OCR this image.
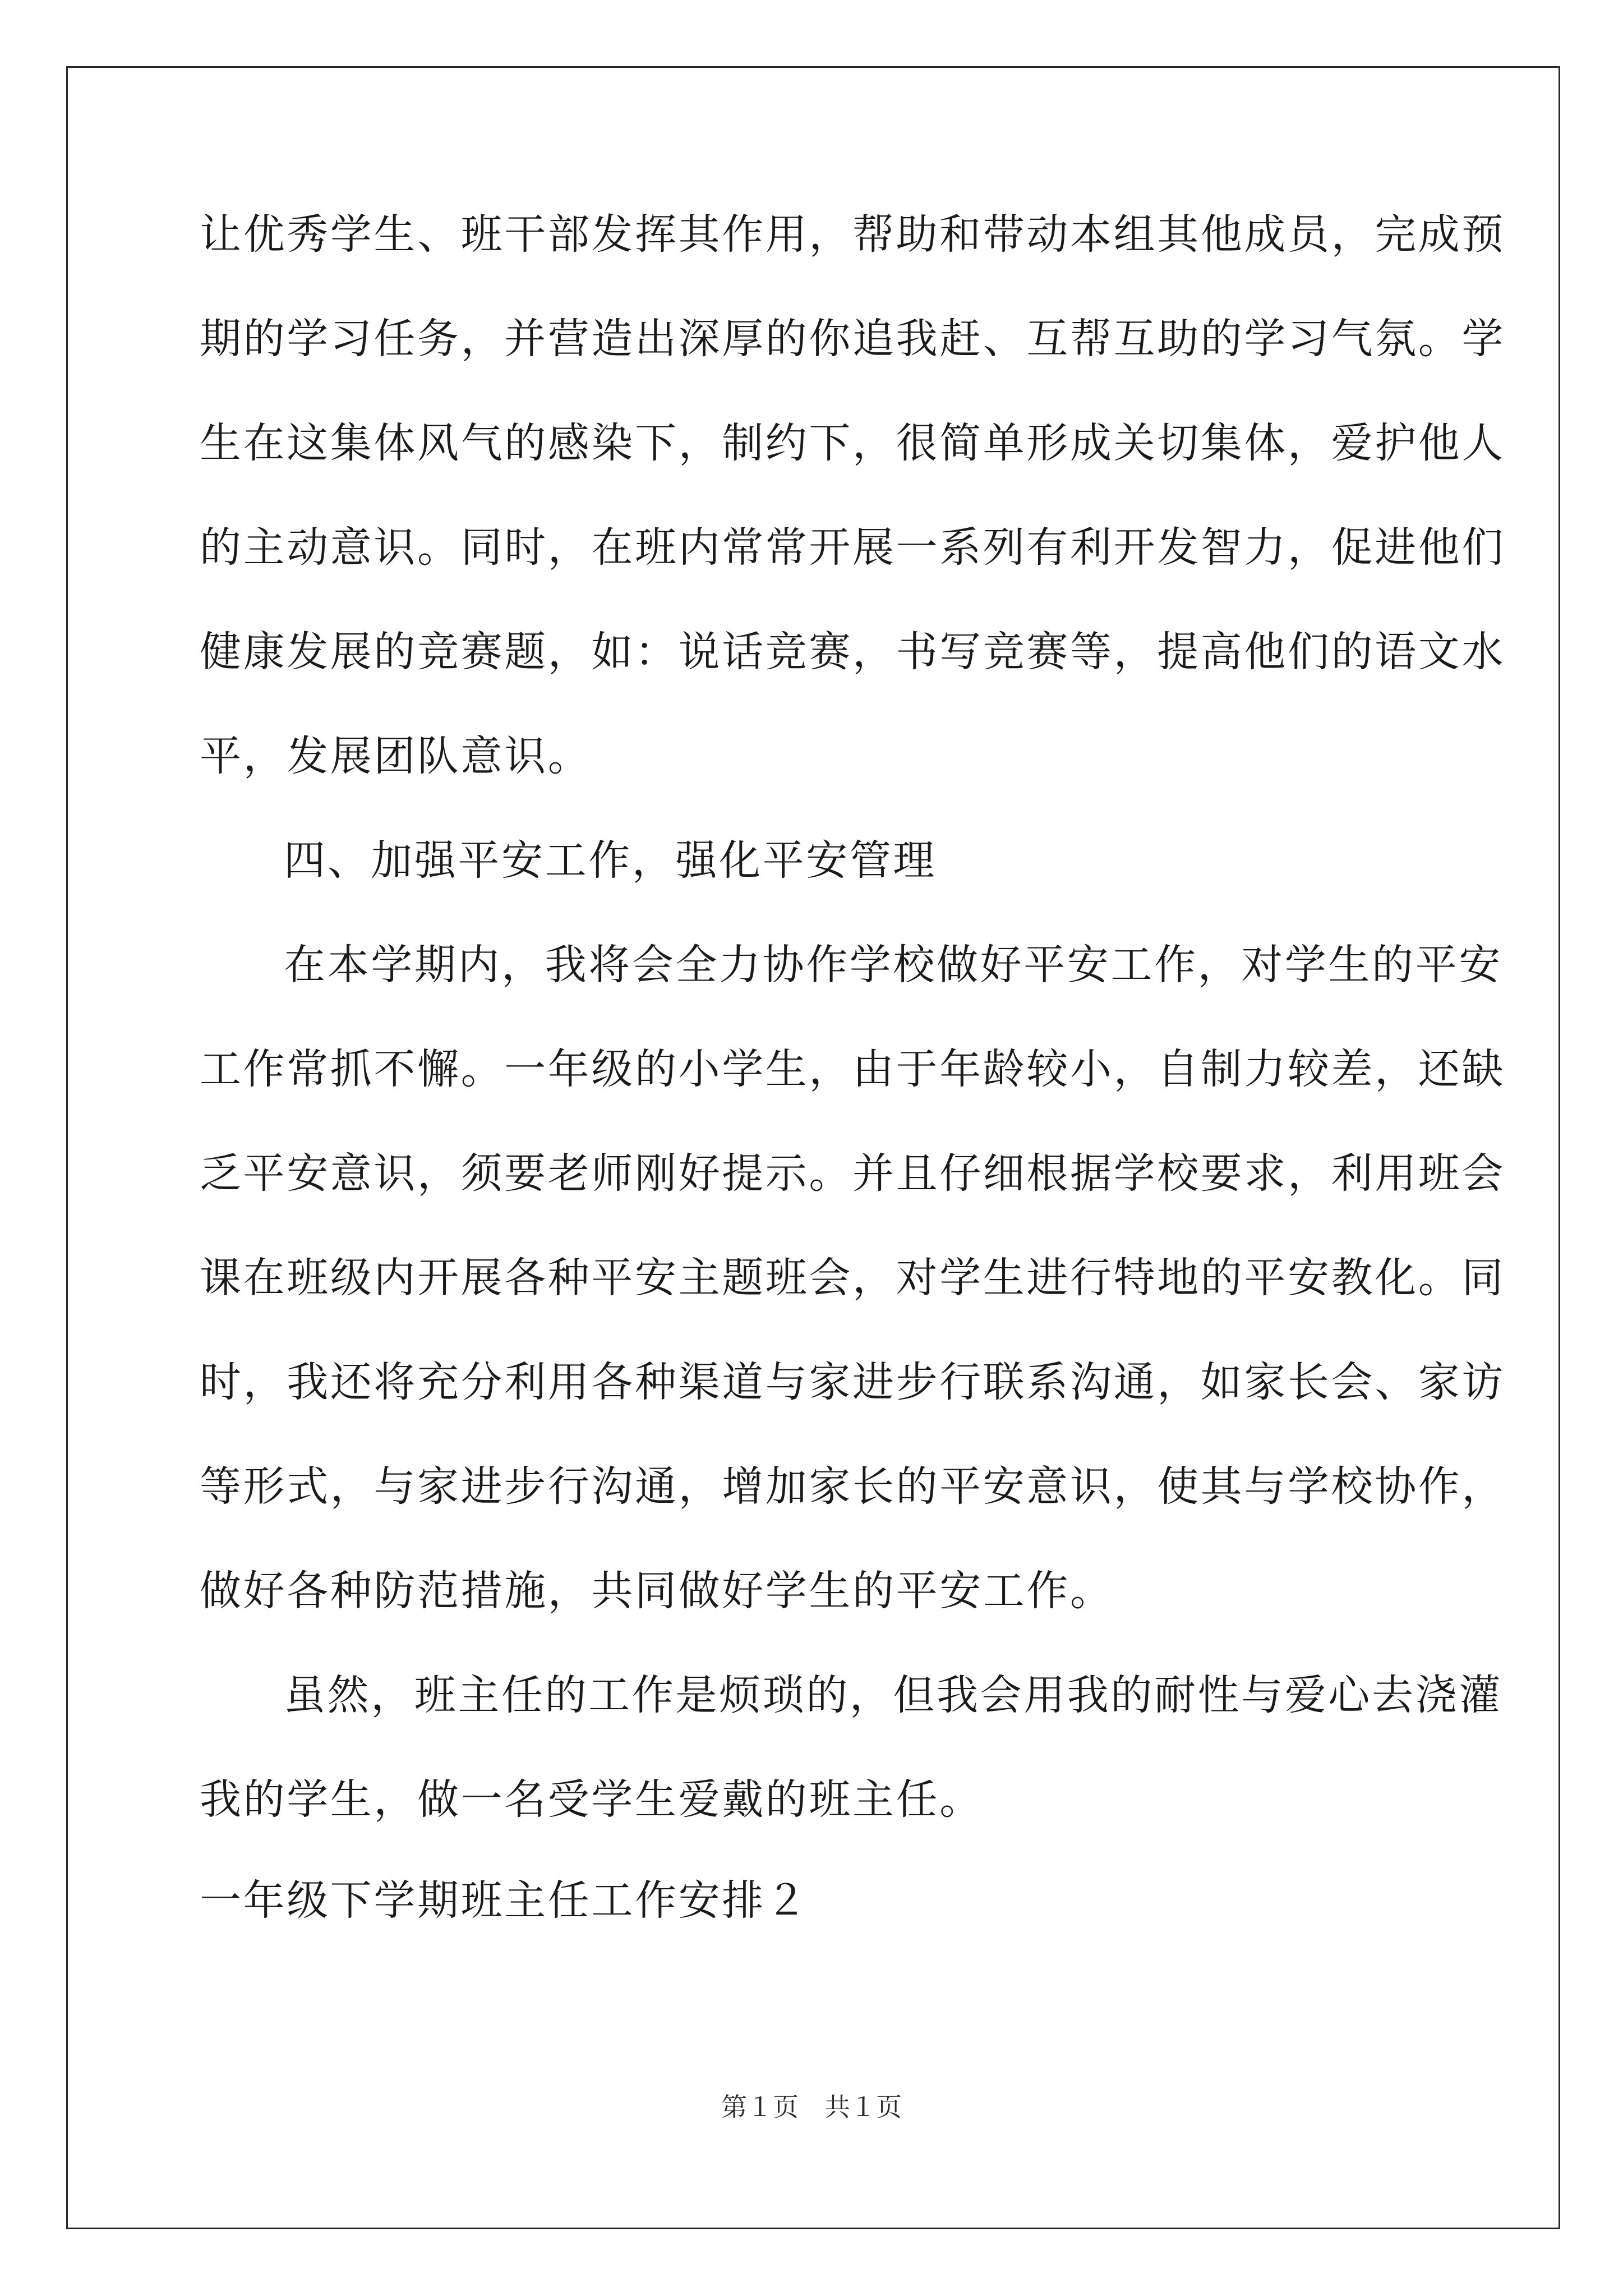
让优秀学生、班干部发挥其作用，帮助和带动本组其他成员，完成预
期的学习任务，并营造出深厚的你追我赶、互帮互助的学习气氛。学
生在这集体风气的感染下，制约下，很简单形成关切集体，爱护他人
的主动意识。同时，在班内常常开展一系列有利开发智力，促进他们
健康发展的竞赛题，如：说话竞赛，书写竞赛等，提高他们的语文水
平，发展团队意识。
四、加强平安工作，强化平安管理
在本学期内，我将会全力协作学校做好平安工作，对学生的平安
工作常抓不懈。一年级的小学生，由于年龄较小，自制力较差，还缺
乏平安意识，须要老师刚好提示。并且仔细根据学校要求，利用班会
课在班级内开展各种平安主题班会，对学生进行特地的平安教化。同
时，我还将充分利用各种渠道与家进步行联系沟通，如家长会、家访
等形式，与家进步行沟通，增加家长的平安意识，使其与学校协作，
做好各种防范措施，共同做好学生的平安工作。
虽然，班主任的工作是烦琐的，但我会用我的耐性与爱心去浇灌
我的学生，做一名受学生爱戴的班主任。
一年级下学期班主任工作安排２
第１页　共１页
